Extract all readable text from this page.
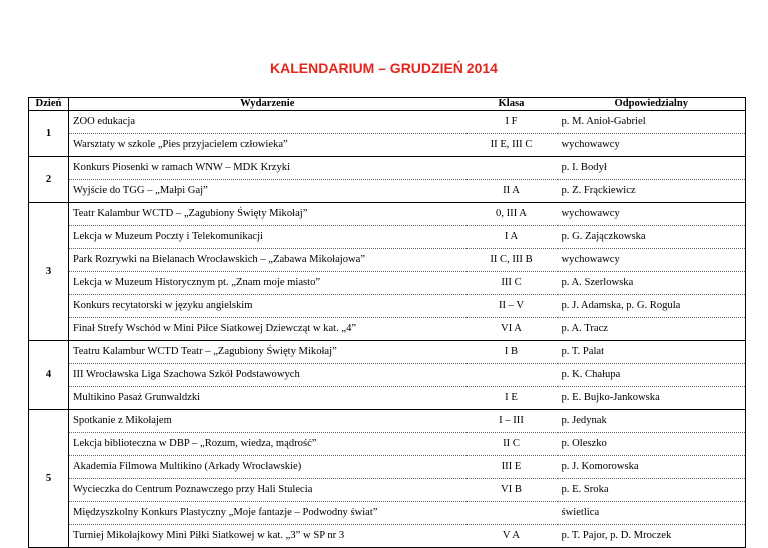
KALENDARIUM – GRUDZIEŃ 2014
Dzień	Wydarzenie	Klasa	Odpowiedzialny
1	ZOO edukacja	I F	p. M. Anioł-Gabriel
	Warsztaty w szkole „Pies przyjacielem człowieka”	II E, III C	wychowawcy
2	Konkurs Piosenki w ramach WNW – MDK Krzyki		p. I. Bodył
	Wyjście do TGG – „Małpi Gaj”	II A	p. Z. Frąckiewicz
3	Teatr Kalambur WCTD – „Zagubiony Święty Mikołaj”	0, III A	wychowawcy
	Lekcja w Muzeum Poczty i Telekomunikacji	I A	p. G. Zajączkowska
	Park Rozrywki na Bielanach Wrocławskich – „Zabawa Mikołajowa”	II C, III B	wychowawcy
	Lekcja w Muzeum Historycznym pt. „Znam moje miasto”	III C	p. A. Szerlowska
	Konkurs recytatorski w języku angielskim	II – V	p. J. Adamska, p. G. Rogula
	Finał Strefy Wschód w Mini Piłce Siatkowej Dziewcząt w kat. „4”	VI A	p. A. Tracz
4	Teatru Kalambur WCTD Teatr – „Zagubiony Święty Mikołaj”	I B	p. T. Palat
	III Wrocławska Liga Szachowa Szkół Podstawowych		p. K. Chałupa
	Multikino Pasaż Grunwaldzki	I E	p. E. Bujko-Jankowska
5	Spotkanie z Mikołajem	I – III	p. Jedynak
	Lekcja biblioteczna w DBP – „Rozum, wiedza, mądrość”	II C	p. Oleszko
	Akademia Filmowa Multikino (Arkady Wrocławskie)	III E	p. J. Komorowska
	Wycieczka do Centrum Poznawczego przy Hali Stulecia	VI B	p. E. Sroka
	Międzyszkolny Konkurs Plastyczny „Moje fantazje – Podwodny świat”		świetlica
	Turniej Mikołajkowy Mini Piłki Siatkowej w kat. „3” w SP nr 3	V A	p. T. Pajor, p. D. Mroczek
